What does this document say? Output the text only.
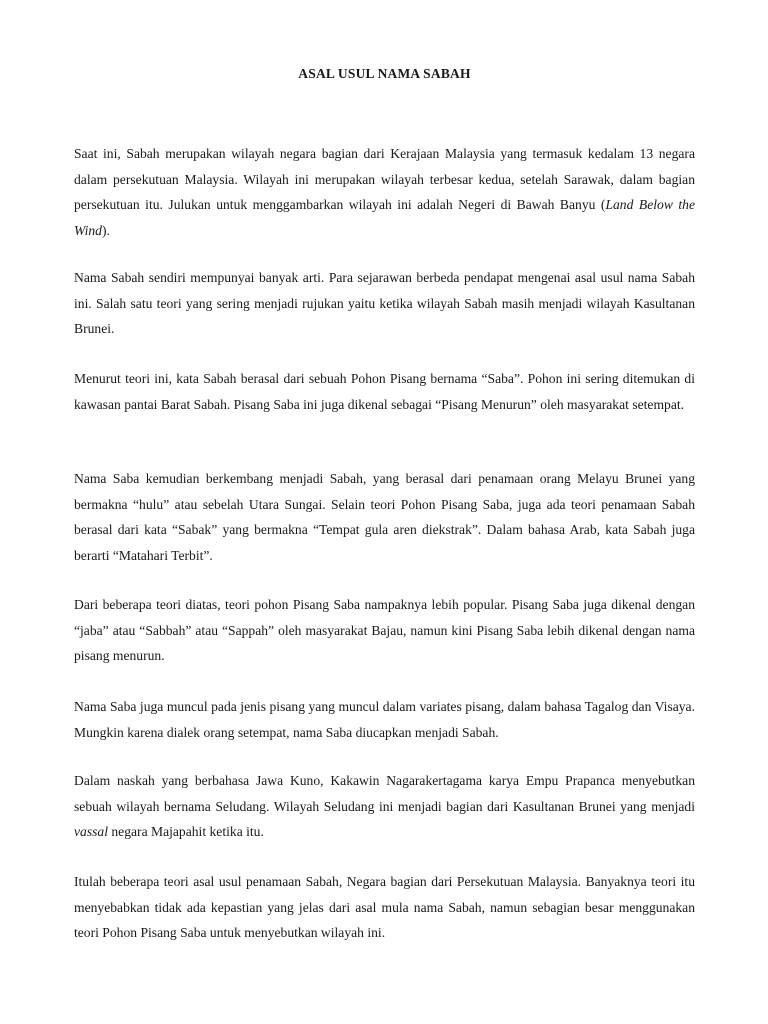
ASAL USUL NAMA SABAH

Saat ini, Sabah merupakan wilayah negara bagian dari Kerajaan Malaysia yang termasuk kedalam 13 negara dalam persekutuan Malaysia. Wilayah ini merupakan wilayah terbesar kedua, setelah Sarawak, dalam bagian persekutuan itu. Julukan untuk menggambarkan wilayah ini adalah Negeri di Bawah Banyu (Land Below the Wind).

Nama Sabah sendiri mempunyai banyak arti. Para sejarawan berbeda pendapat mengenai asal usul nama Sabah ini. Salah satu teori yang sering menjadi rujukan yaitu ketika wilayah Sabah masih menjadi wilayah Kasultanan Brunei.

Menurut teori ini, kata Sabah berasal dari sebuah Pohon Pisang bernama “Saba”. Pohon ini sering ditemukan di kawasan pantai Barat Sabah. Pisang Saba ini juga dikenal sebagai “Pisang Menurun” oleh masyarakat setempat.

Nama Saba kemudian berkembang menjadi Sabah, yang berasal dari penamaan orang Melayu Brunei yang bermakna “hulu” atau sebelah Utara Sungai. Selain teori Pohon Pisang Saba, juga ada teori penamaan Sabah berasal dari kata “Sabak” yang bermakna “Tempat gula aren diekstrak”. Dalam bahasa Arab, kata Sabah juga berarti “Matahari Terbit”.

Dari beberapa teori diatas, teori pohon Pisang Saba nampaknya lebih popular. Pisang Saba juga dikenal dengan “jaba” atau “Sabbah” atau “Sappah” oleh masyarakat Bajau, namun kini Pisang Saba lebih dikenal dengan nama pisang menurun.

Nama Saba juga muncul pada jenis pisang yang muncul dalam variates pisang, dalam bahasa Tagalog dan Visaya. Mungkin karena dialek orang setempat, nama Saba diucapkan menjadi Sabah.

Dalam naskah yang berbahasa Jawa Kuno, Kakawin Nagarakertagama karya Empu Prapanca menyebutkan sebuah wilayah bernama Seludang. Wilayah Seludang ini menjadi bagian dari Kasultanan Brunei yang menjadi vassal negara Majapahit ketika itu.

Itulah beberapa teori asal usul penamaan Sabah, Negara bagian dari Persekutuan Malaysia. Banyaknya teori itu menyebabkan tidak ada kepastian yang jelas dari asal mula nama Sabah, namun sebagian besar menggunakan teori Pohon Pisang Saba untuk menyebutkan wilayah ini.
